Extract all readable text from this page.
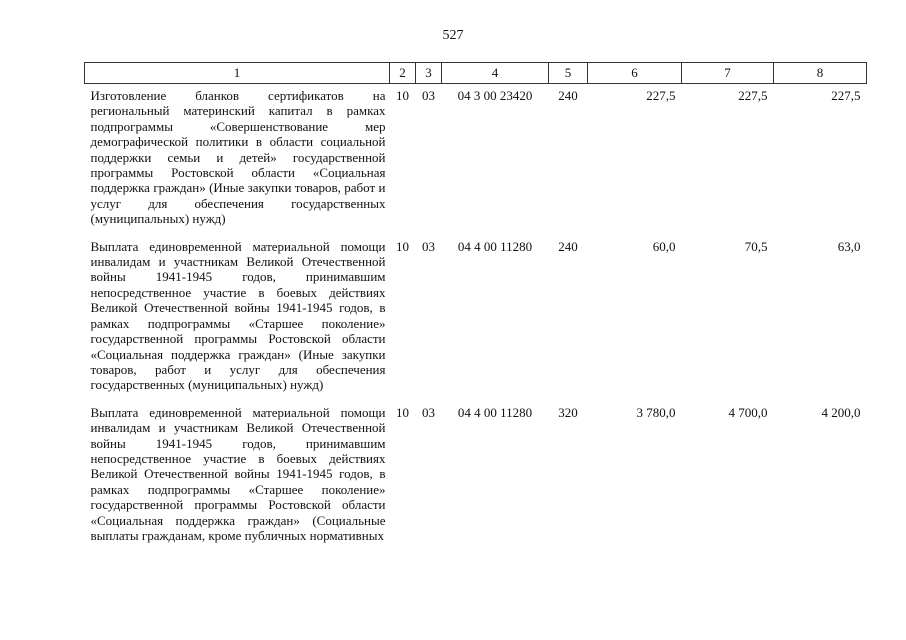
527
1	2	3	4	5	6	7	8
Изготовление бланков сертификатов на региональный материнский капитал в рамках подпрограммы «Совершенствование мер демографической политики в области социальной поддержки семьи и детей» государственной программы Ростовской области «Социальная поддержка граждан» (Иные закупки товаров, работ и услуг для обеспечения государственных (муниципальных) нужд)	10	03	04 3 00 23420	240	227,5	227,5	227,5
Выплата единовременной материальной помощи инвалидам и участникам Великой Отечественной войны 1941-1945 годов, принимавшим непосредственное участие в боевых действиях Великой Отечественной войны 1941-1945 годов, в рамках подпрограммы «Старшее поколение» государственной программы Ростовской области «Социальная поддержка граждан» (Иные закупки товаров, работ и услуг для обеспечения государственных (муниципальных) нужд)	10	03	04 4 00 11280	240	60,0	70,5	63,0
Выплата единовременной материальной помощи инвалидам и участникам Великой Отечественной войны 1941-1945 годов, принимавшим непосредственное участие в боевых действиях Великой Отечественной войны 1941-1945 годов, в рамках подпрограммы «Старшее поколение» государственной программы Ростовской области «Социальная поддержка граждан» (Социальные выплаты гражданам, кроме публичных нормативных	10	03	04 4 00 11280	320	3 780,0	4 700,0	4 200,0
